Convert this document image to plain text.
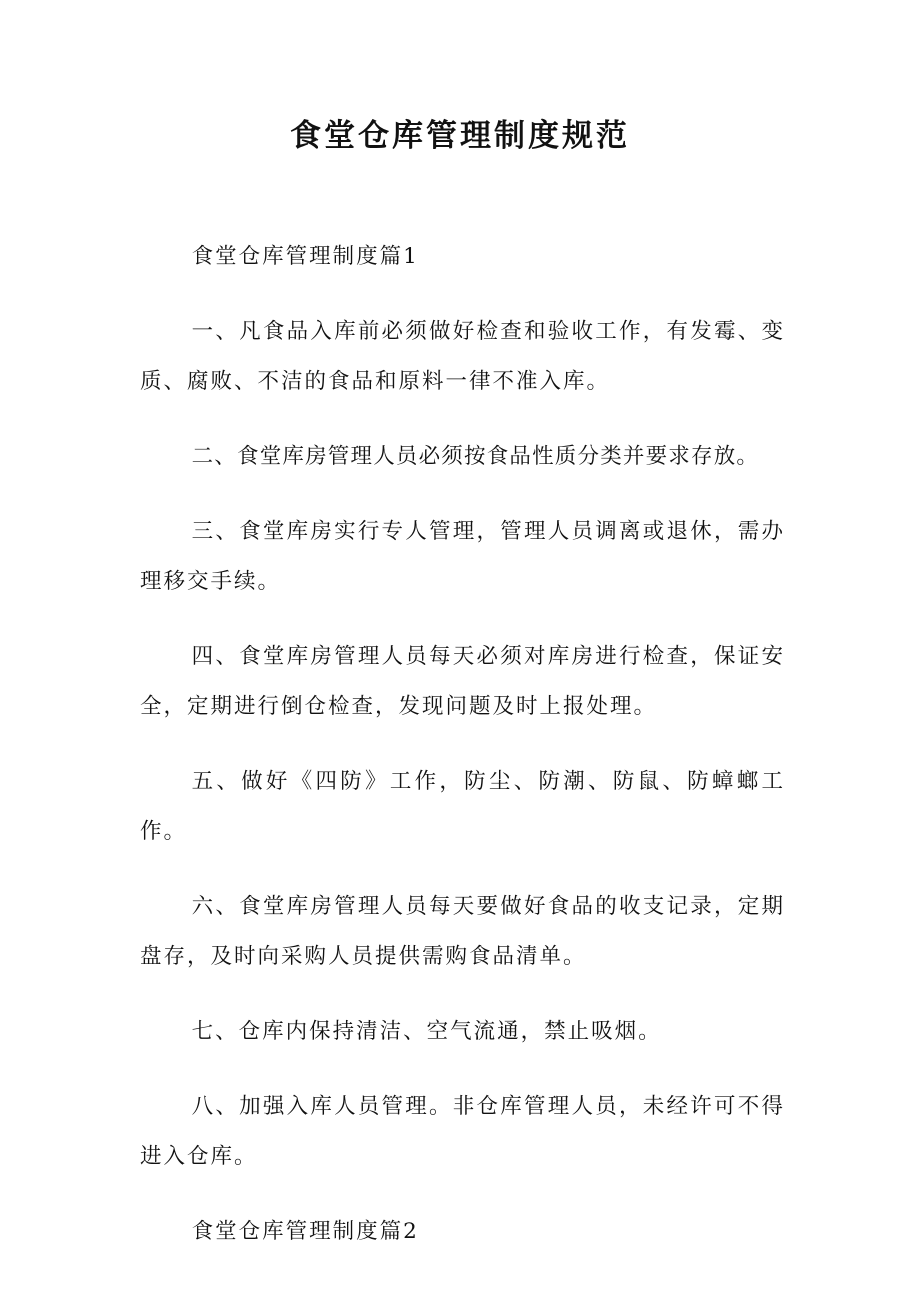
食堂仓库管理制度规范

食堂仓库管理制度篇1

一、凡食品入库前必须做好检查和验收工作，有发霉、变质、腐败、不洁的食品和原料一律不准入库。

二、食堂库房管理人员必须按食品性质分类并要求存放。

三、食堂库房实行专人管理，管理人员调离或退休，需办理移交手续。

四、食堂库房管理人员每天必须对库房进行检查，保证安全，定期进行倒仓检查，发现问题及时上报处理。

五、做好《四防》工作，防尘、防潮、防鼠、防蟑螂工作。

六、食堂库房管理人员每天要做好食品的收支记录，定期盘存，及时向采购人员提供需购食品清单。

七、仓库内保持清洁、空气流通，禁止吸烟。

八、加强入库人员管理。非仓库管理人员，未经许可不得进入仓库。

食堂仓库管理制度篇2
